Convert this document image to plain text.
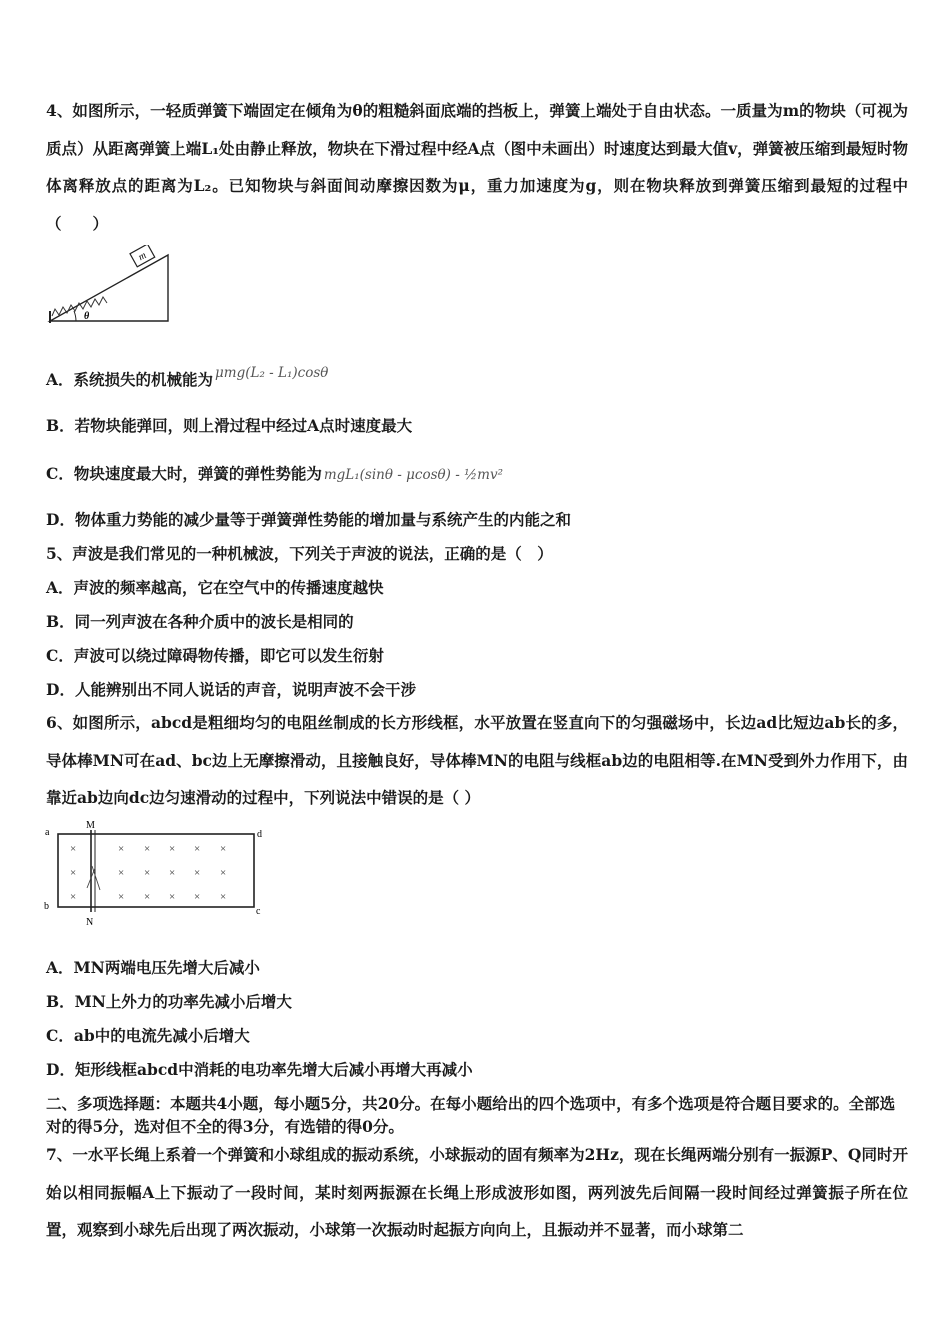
4、如图所示，一轻质弹簧下端固定在倾角为θ的粗糙斜面底端的挡板上，弹簧上端处于自由状态。一质量为m的物块（可视为质点）从距离弹簧上端L₁处由静止释放，物块在下滑过程中经A点（图中未画出）时速度达到最大值v，弹簧被压缩到最短时物体离释放点的距离为L₂。已知物块与斜面间动摩擦因数为μ，重力加速度为g，则在物块释放到弹簧压缩到最短的过程中（　　）
m
θ
A．系统损失的机械能为 μmg(L₂ - L₁)cosθ
B．若物块能弹回，则上滑过程中经过A点时速度最大
C．物块速度最大时，弹簧的弹性势能为 mgL₁(sinθ - μcosθ) - ½mv²
D．物体重力势能的减少量等于弹簧弹性势能的增加量与系统产生的内能之和
5、声波是我们常见的一种机械波，下列关于声波的说法，正确的是（　）
A．声波的频率越高，它在空气中的传播速度越快
B．同一列声波在各种介质中的波长是相同的
C．声波可以绕过障碍物传播，即它可以发生衍射
D．人能辨别出不同人说话的声音，说明声波不会干涉
6、如图所示，abcd是粗细均匀的电阻丝制成的长方形线框，水平放置在竖直向下的匀强磁场中，长边ad比短边ab长的多，导体棒MN可在ad、bc边上无摩擦滑动，且接触良好，导体棒MN的电阻与线框ab边的电阻相等.在MN受到外力作用下，由靠近ab边向dc边匀速滑动的过程中，下列说法中错误的是（ ）
a	d
b	c
M
N
×	× × × × ×
×	× × × × ×
×	× × × × ×
A．MN两端电压先增大后减小
B．MN上外力的功率先减小后增大
C．ab中的电流先减小后增大
D．矩形线框abcd中消耗的电功率先增大后减小再增大再减小
二、多项选择题：本题共4小题，每小题5分，共20分。在每小题给出的四个选项中，有多个选项是符合题目要求的。全部选对的得5分，选对但不全的得3分，有选错的得0分。
7、一水平长绳上系着一个弹簧和小球组成的振动系统，小球振动的固有频率为2Hz，现在长绳两端分别有一振源P、Q同时开始以相同振幅A上下振动了一段时间，某时刻两振源在长绳上形成波形如图，两列波先后间隔一段时间经过弹簧振子所在位置，观察到小球先后出现了两次振动，小球第一次振动时起振方向向上，且振动并不显著，而小球第二
